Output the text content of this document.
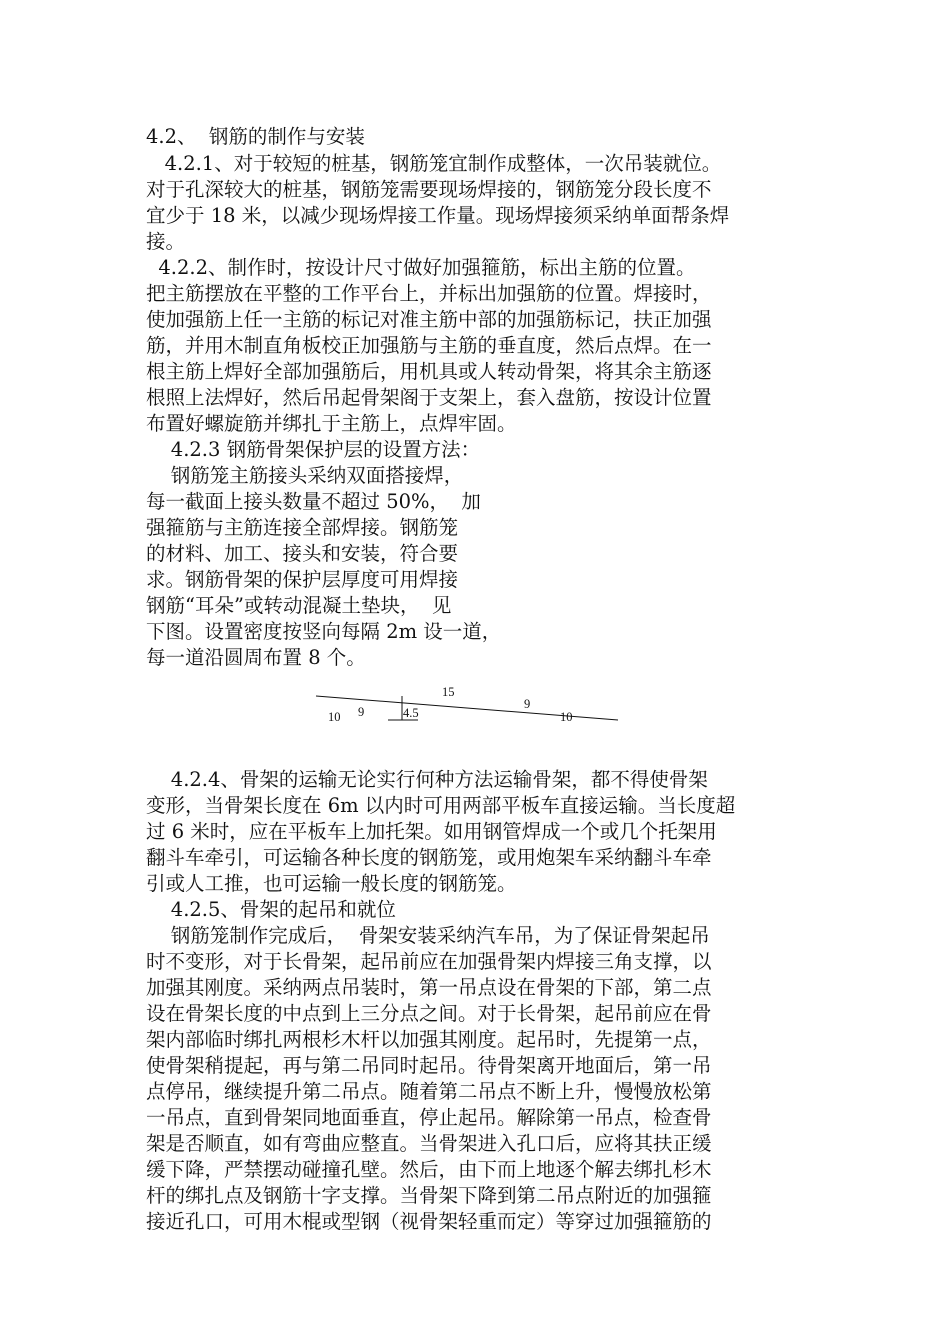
4.2、  钢筋的制作与安装
4.2.1、对于较短的桩基，钢筋笼宜制作成整体，一次吊装就位。
对于孔深较大的桩基，钢筋笼需要现场焊接的，钢筋笼分段长度不
宜少于 18 米，以减少现场焊接工作量。现场焊接须采纳单面帮条焊
接。
4.2.2、制作时，按设计尺寸做好加强箍筋，标出主筋的位置。
把主筋摆放在平整的工作平台上，并标出加强筋的位置。焊接时，
使加强筋上任一主筋的标记对准主筋中部的加强筋标记，扶正加强
筋，并用木制直角板校正加强筋与主筋的垂直度，然后点焊。在一
根主筋上焊好全部加强筋后，用机具或人转动骨架，将其余主筋逐
根照上法焊好，然后吊起骨架阁于支架上，套入盘筋，按设计位置
布置好螺旋筋并绑扎于主筋上，点焊牢固。
4.2.3 钢筋骨架保护层的设置方法：
钢筋笼主筋接头采纳双面搭接焊，
每一截面上接头数量不超过 50%，  加
强箍筋与主筋连接全部焊接。钢筋笼
的材料、加工、接头和安装，符合要
求。钢筋骨架的保护层厚度可用焊接
钢筋“耳朵”或转动混凝土垫块，  见
下图。设置密度按竖向每隔 2m 设一道，
每一道沿圆周布置 8 个。
15
9
9
10	10
4.5
4.2.4、骨架的运输无论实行何种方法运输骨架，都不得使骨架
变形，当骨架长度在 6m 以内时可用两部平板车直接运输。当长度超
过 6 米时，应在平板车上加托架。如用钢管焊成一个或几个托架用
翻斗车牵引，可运输各种长度的钢筋笼，或用炮架车采纳翻斗车牵
引或人工推，也可运输一般长度的钢筋笼。
4.2.5、骨架的起吊和就位
钢筋笼制作完成后，  骨架安装采纳汽车吊，为了保证骨架起吊
时不变形，对于长骨架，起吊前应在加强骨架内焊接三角支撑，以
加强其刚度。采纳两点吊装时，第一吊点设在骨架的下部，第二点
设在骨架长度的中点到上三分点之间。对于长骨架，起吊前应在骨
架内部临时绑扎两根杉木杆以加强其刚度。起吊时，先提第一点，
使骨架稍提起，再与第二吊同时起吊。待骨架离开地面后，第一吊
点停吊，继续提升第二吊点。随着第二吊点不断上升，慢慢放松第
一吊点，直到骨架同地面垂直，停止起吊。解除第一吊点，检查骨
架是否顺直，如有弯曲应整直。当骨架进入孔口后，应将其扶正缓
缓下降，严禁摆动碰撞孔壁。然后，由下而上地逐个解去绑扎杉木
杆的绑扎点及钢筋十字支撑。当骨架下降到第二吊点附近的加强箍
接近孔口，可用木棍或型钢（视骨架轻重而定）等穿过加强箍筋的
